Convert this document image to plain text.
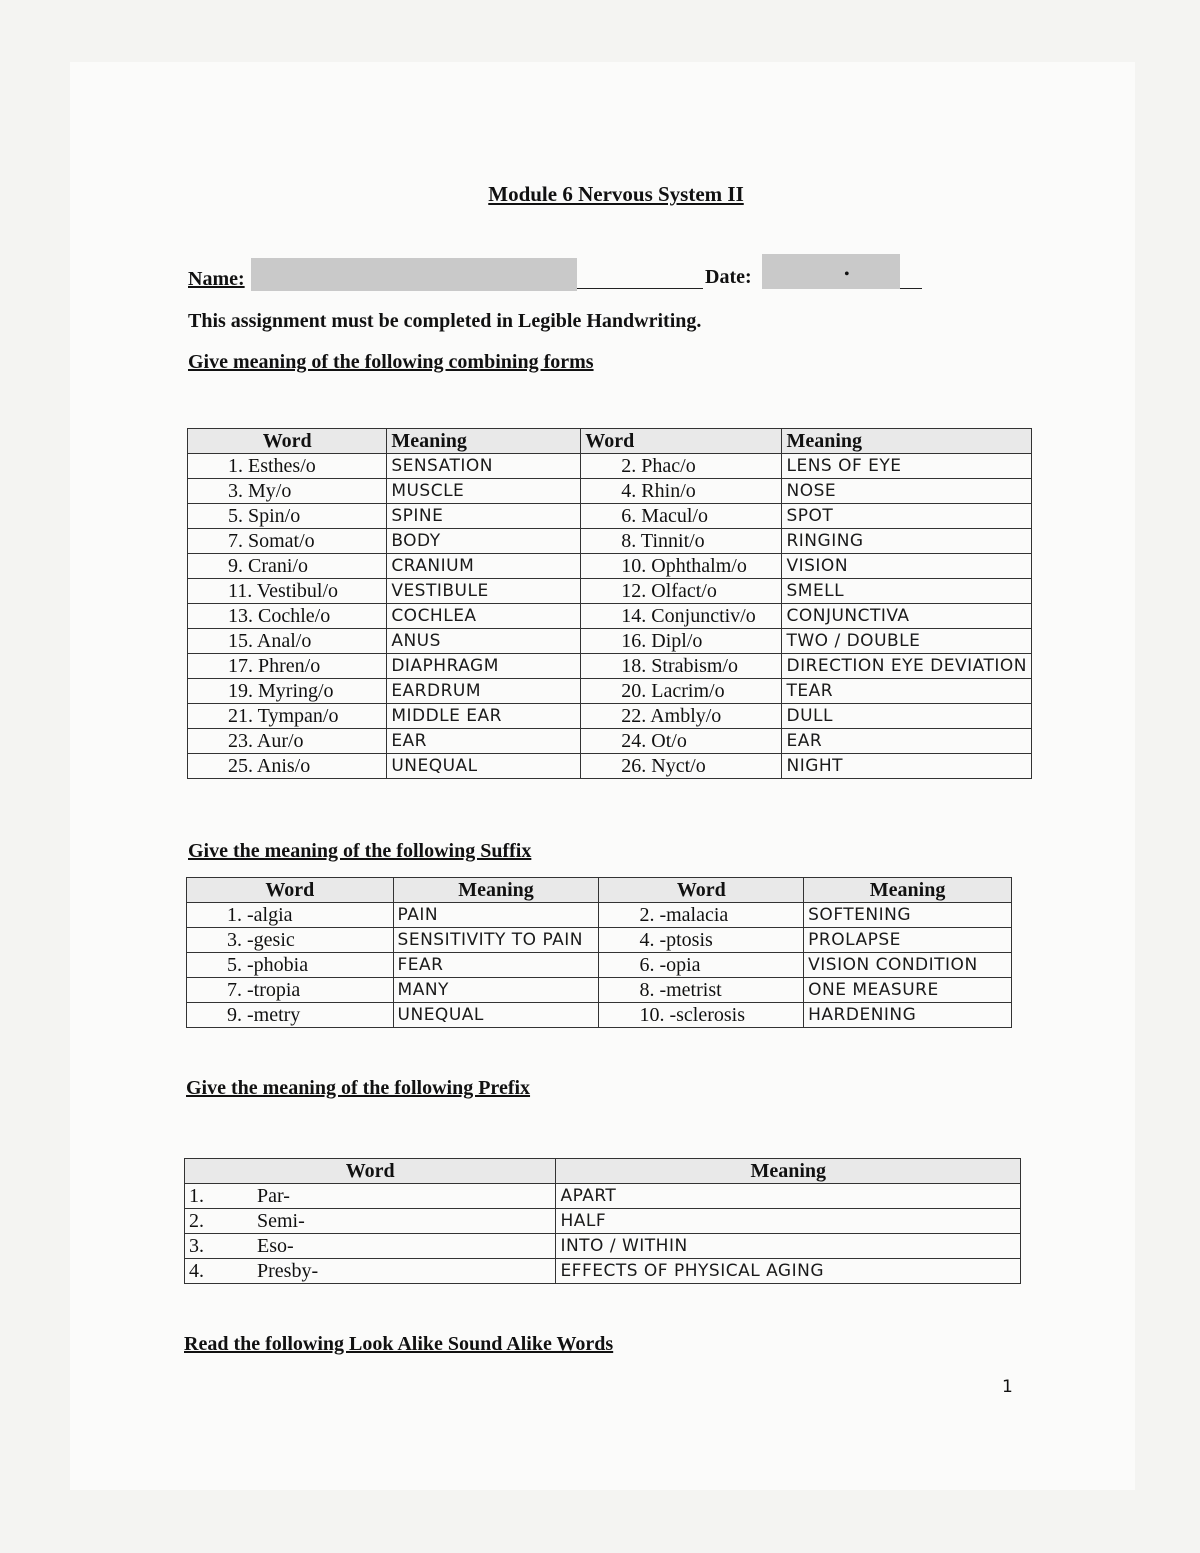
Module 6 Nervous System II
Name:	Date:	•
This assignment must be completed in Legible Handwriting.
Give meaning of the following combining forms
Word	Meaning	Word	Meaning
1. Esthes/o	SENSATION	2. Phac/o	LENS OF EYE
3. My/o	MUSCLE	4. Rhin/o	NOSE
5. Spin/o	SPINE	6. Macul/o	SPOT
7. Somat/o	BODY	8. Tinnit/o	RINGING
9. Crani/o	CRANIUM	10. Ophthalm/o	VISION
11. Vestibul/o	VESTIBULE	12. Olfact/o	SMELL
13. Cochle/o	COCHLEA	14. Conjunctiv/o	CONJUNCTIVA
15. Anal/o	ANUS	16. Dipl/o	TWO / DOUBLE
17. Phren/o	DIAPHRAGM	18. Strabism/o	DIRECTION EYE DEVIATION
19. Myring/o	EARDRUM	20. Lacrim/o	TEAR
21. Tympan/o	MIDDLE EAR	22. Ambly/o	DULL
23. Aur/o	EAR	24. Ot/o	EAR
25. Anis/o	UNEQUAL	26. Nyct/o	NIGHT
Give the meaning of the following Suffix
Word	Meaning	Word	Meaning
1. -algia	PAIN	2. -malacia	SOFTENING
3. -gesic	SENSITIVITY TO PAIN	4. -ptosis	PROLAPSE
5. -phobia	FEAR	6. -opia	VISION CONDITION
7. -tropia	MANY	8. -metrist	ONE MEASURE
9. -metry	UNEQUAL	10. -sclerosis	HARDENING
Give the meaning of the following Prefix
Word	Meaning
1. Par-	APART
2. Semi-	HALF
3. Eso-	INTO / WITHIN
4. Presby-	EFFECTS OF PHYSICAL AGING
Read the following Look Alike Sound Alike Words
1
